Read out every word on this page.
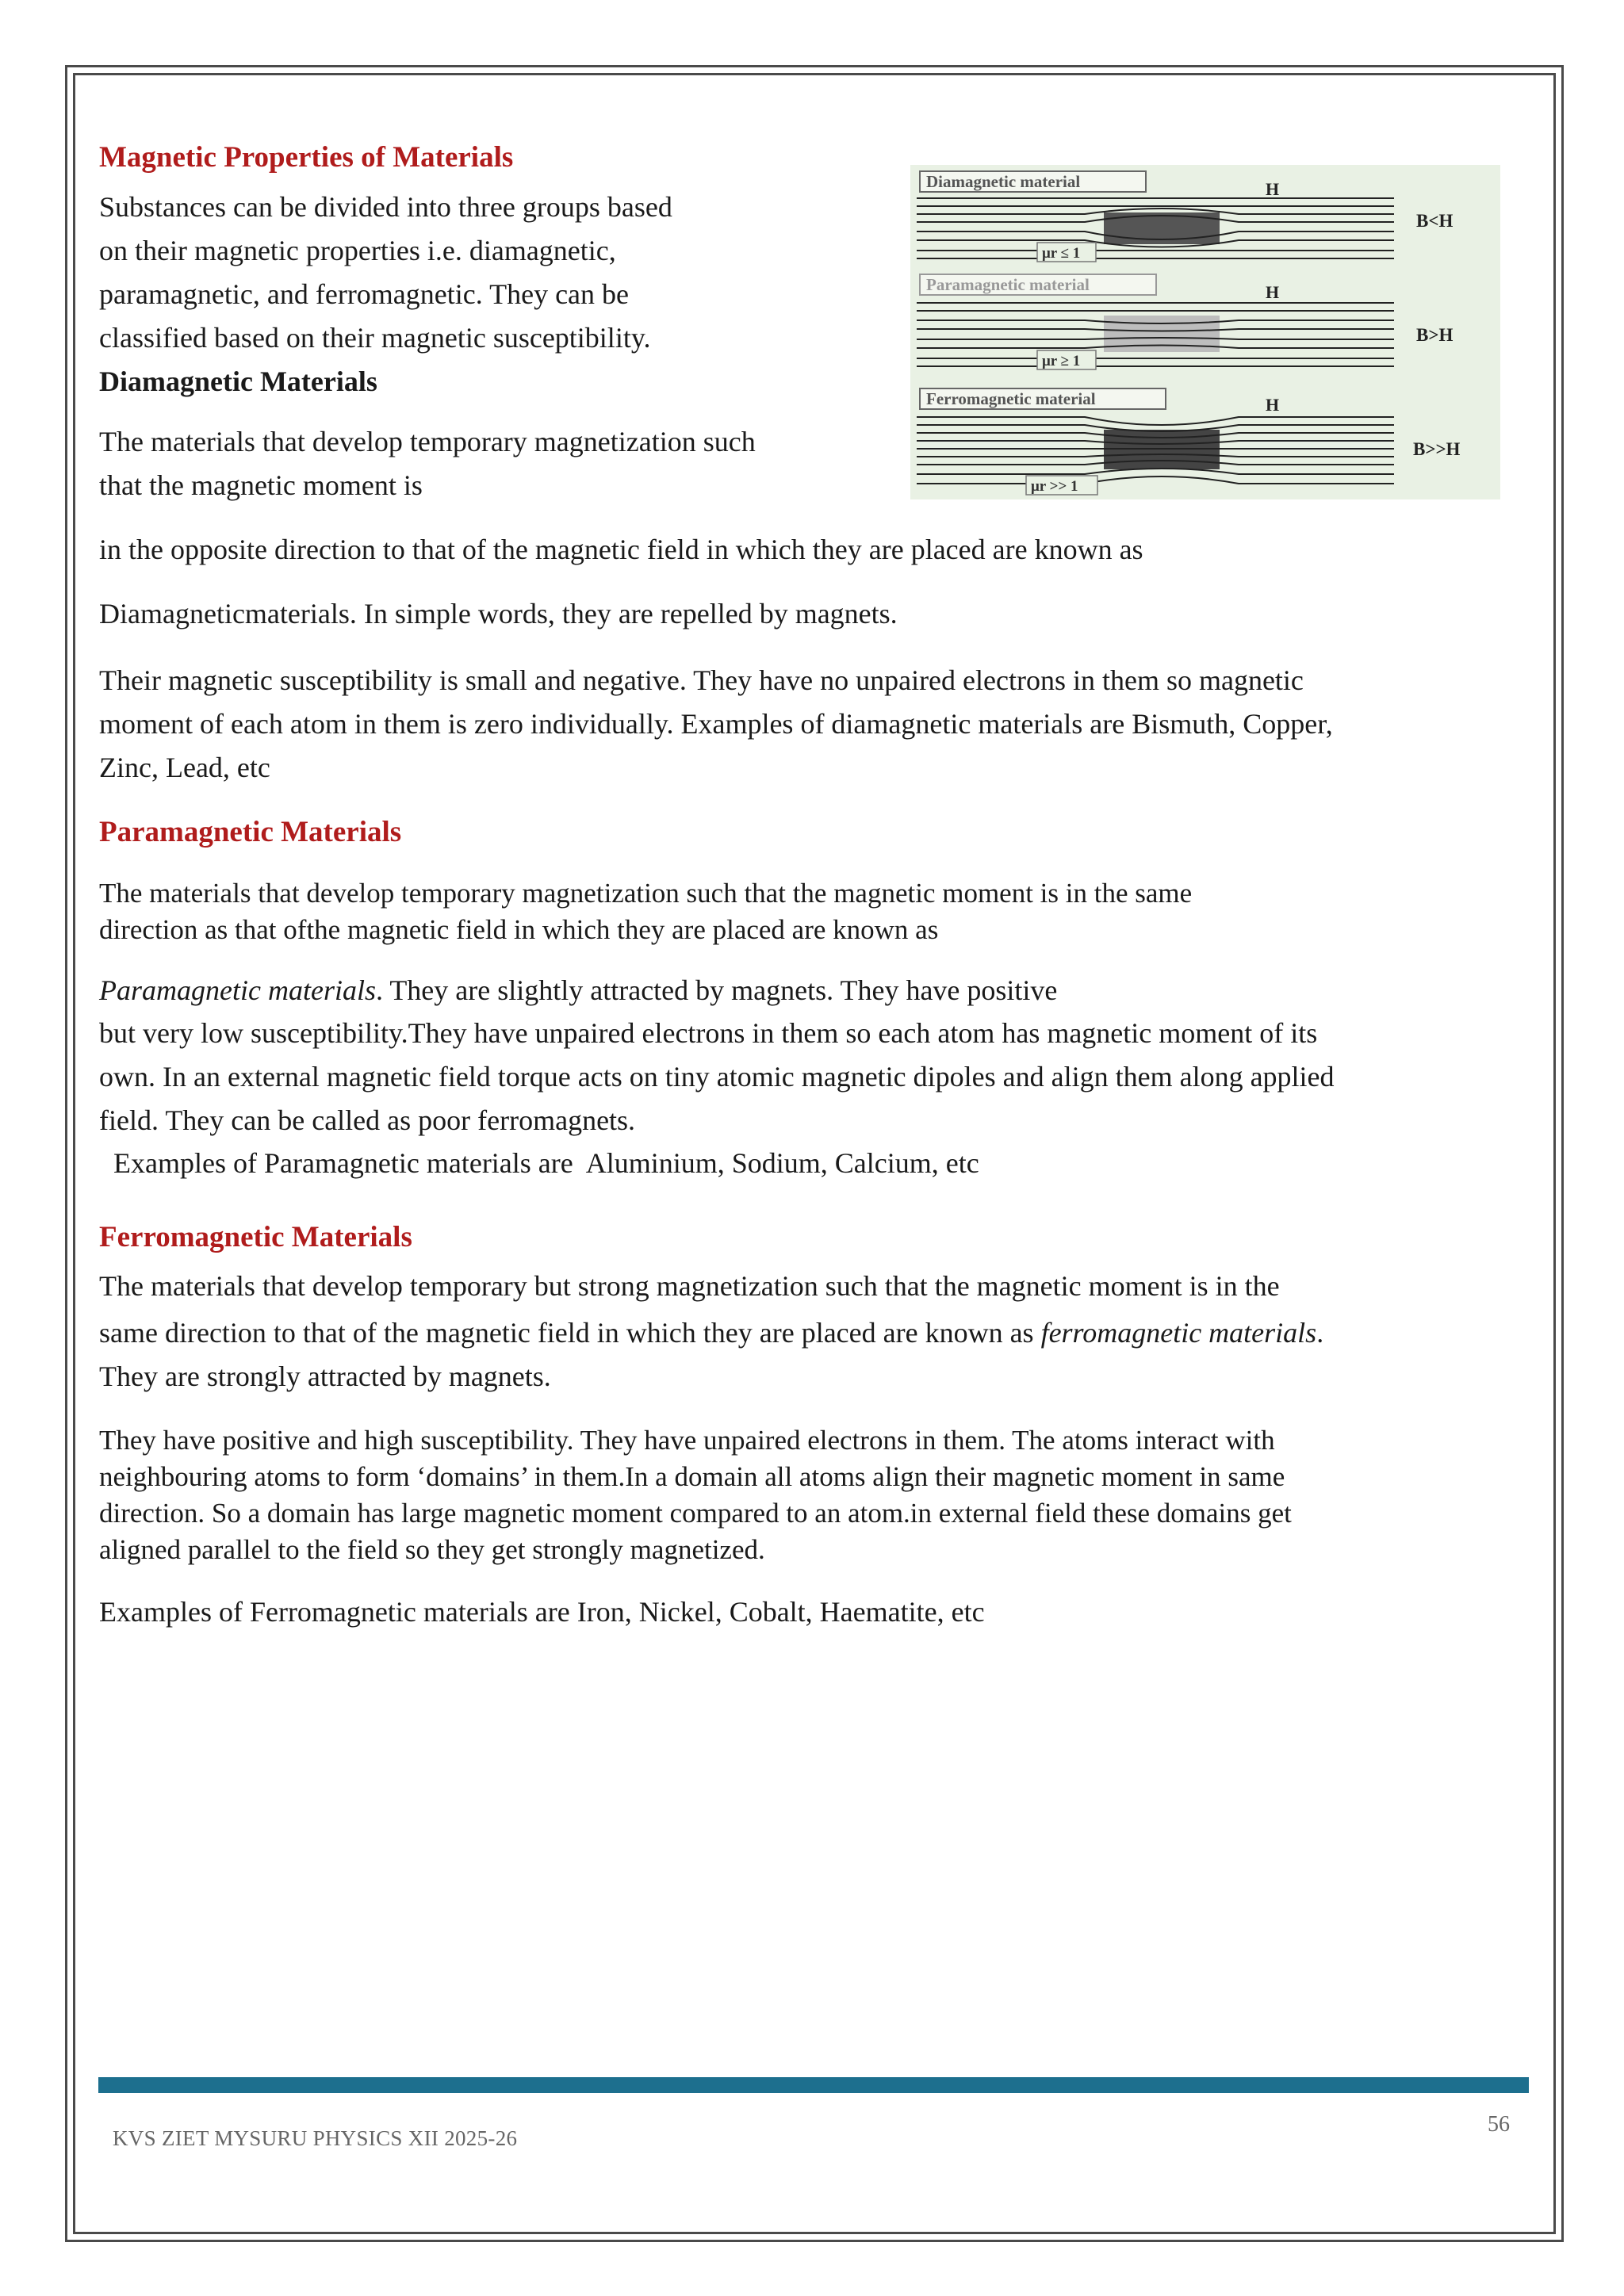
Magnetic Properties of Materials

Substances can be divided into three groups based

on their magnetic properties i.e. diamagnetic,

paramagnetic, and ferromagnetic. They can be

classified based on their magnetic susceptibility.

Diamagnetic Materials

The materials that develop temporary magnetization such

that the magnetic moment is

in the opposite direction to that of the magnetic field in which they are placed are known as

Diamagneticmaterials. In simple words, they are repelled by magnets.

Their magnetic susceptibility is small and negative. They have no unpaired electrons in them so magnetic

moment of each atom in them is zero individually. Examples of diamagnetic materials are Bismuth, Copper,

Zinc, Lead, etc

Paramagnetic Materials

The materials that develop temporary magnetization such that the magnetic moment is in the same

direction as that ofthe magnetic field in which they are placed are known as

Paramagnetic materials. They are slightly attracted by magnets. They have positive

but very low susceptibility.They have unpaired electrons in them so each atom has magnetic moment of its

own. In an external magnetic field torque acts on tiny atomic magnetic dipoles and align them along applied

field. They can be called as poor ferromagnets.

Examples of Paramagnetic materials are  Aluminium, Sodium, Calcium, etc

Ferromagnetic Materials

The materials that develop temporary but strong magnetization such that the magnetic moment is in the

same direction to that of the magnetic field in which they are placed are known as ferromagnetic materials.

They are strongly attracted by magnets.

They have positive and high susceptibility. They have unpaired electrons in them. The atoms interact with

neighbouring atoms to form ‘domains’ in them.In a domain all atoms align their magnetic moment in same

direction. So a domain has large magnetic moment compared to an atom.in external field these domains get

aligned parallel to the field so they get strongly magnetized.

Examples of Ferromagnetic materials are Iron, Nickel, Cobalt, Haematite, etc

Diamagnetic material	H
μr ≤ 1
B<H
Paramagnetic material	H
μr ≥ 1
B>H
Ferromagnetic material	H
μr >> 1
B>>H
KVS ZIET MYSURU PHYSICS XII 2025-26
56
